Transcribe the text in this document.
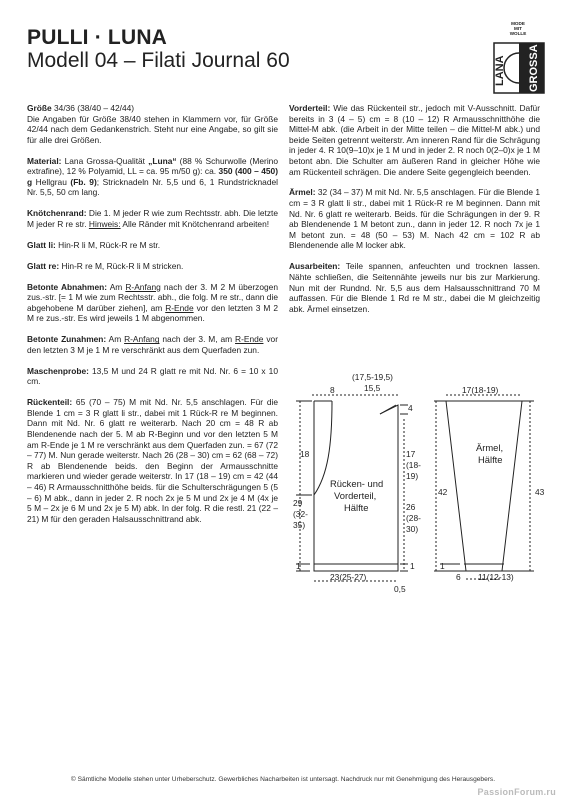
PULLI · LUNA
Modell 04 – Filati Journal 60
MODE
MIT
WOLLE
LANA GROSSA

Größe 34/36 (38/40 – 42/44)
Die Angaben für Größe 38/40 stehen in Klammern vor, für Größe 42/44 nach dem Gedankenstrich. Steht nur eine Angabe, so gilt sie für alle drei Größen.

Material: Lana Grossa-Qualität „Luna“ (88 % Schurwolle (Merino extrafine), 12 % Polyamid, LL = ca. 95 m/50 g): ca. 350 (400 – 450) g Hellgrau (Fb. 9); Stricknadeln Nr. 5,5 und 6, 1 Rundstricknadel Nr. 5,5, 50 cm lang.

Knötchenrand: Die 1. M jeder R wie zum Rechtsstr. abh. Die letzte M jeder R re str. Hinweis: Alle Ränder mit Knötchenrand arbeiten!

Glatt li: Hin-R li M, Rück-R re M str.

Glatt re: Hin-R re M, Rück-R li M stricken.

Betonte Abnahmen: Am R-Anfang nach der 3. M 2 M überzogen zus.-str. [= 1 M wie zum Rechtsstr. abh., die folg. M re str., dann die abgehobene M darüber ziehen], am R-Ende vor den letzten 3 M 2 M re zus.-str. Es wird jeweils 1 M abgenommen.

Betonte Zunahmen: Am R-Anfang nach der 3. M, am R-Ende vor den letzten 3 M je 1 M re verschränkt aus dem Querfaden zun.

Maschenprobe: 13,5 M und 24 R glatt re mit Nd. Nr. 6 = 10 x 10 cm.

Rückenteil: 65 (70 – 75) M mit Nd. Nr. 5,5 anschlagen. Für die Blende 1 cm = 3 R glatt li str., dabei mit 1 Rück-R re M beginnen. Dann mit Nd. Nr. 6 glatt re weiterarb. Nach 20 cm = 48 R ab Blendenende nach der 5. M ab R-Beginn und vor den letzten 5 M am R-Ende je 1 M re verschränkt aus dem Querfaden zun. = 67 (72 – 77) M. Nun gerade weiterstr. Nach 26 (28 – 30) cm = 62 (68 – 72) R ab Blendenende beids. den Beginn der Armausschnitte markieren und wieder gerade weiterstr. In 17 (18 – 19) cm = 42 (44 – 46) R Armausschnitthöhe beids. für die Schulterschrägungen 5 (5 – 6) M abk., dann in jeder 2. R noch 2x je 5 M und 2x je 4 M (4x je 5 M – 2x je 6 M und 2x je 5 M) abk. In der folg. R die restl. 21 (22 – 21) M für den geraden Halsausschnittrand abk.

Vorderteil: Wie das Rückenteil str., jedoch mit V-Ausschnitt. Dafür bereits in 3 (4 – 5) cm = 8 (10 – 12) R Armausschnitthöhe die Mittel-M abk. (die Arbeit in der Mitte teilen – die Mittel-M abk.) und beide Seiten getrennt weiterstr. Am inneren Rand für die Schrägung in jeder 4. R 10(9–10)x je 1 M und in jeder 2. R noch 0(2–0)x je 1 M betont abn. Die Schulter am äußeren Rand in gleicher Höhe wie am Rückenteil schrägen. Die andere Seite gegengleich beenden.

Ärmel: 32 (34 – 37) M mit Nd. Nr. 5,5 anschlagen. Für die Blende 1 cm = 3 R glatt li str., dabei mit 1 Rück-R re M beginnen. Dann mit Nd. Nr. 6 glatt re weiterarb. Beids. für die Schrägungen in der 9. R ab Blendenende 1 M betont zun., dann in jeder 12. R noch 7x je 1 M betont zun. = 48 (50 – 53) M. Nach 42 cm = 102 R ab Blendenende alle M locker abk.

Ausarbeiten: Teile spannen, anfeuchten und trocknen lassen. Nähte schließen, die Seitennähte jeweils nur bis zur Markierung. Nun mit der Rundnd. Nr. 5,5 aus dem Halsausschnittrand 70 M auffassen. Für die Blende 1 Rd re M str., dabei die M gleichzeitig abk. Ärmel einsetzen.

8
(17,5-19,5)
15,5
4
18	17
(18-
19)
26
(28-
30)
29
(32-
35)
1	1
23(25-27)
0,5
Rücken- und
Vorderteil,
Hälfte
17(18-19)
42	43
1
6 11(12-13)
Ärmel,
Hälfte
© Sämtliche Modelle stehen unter Urheberschutz. Gewerbliches Nacharbeiten ist untersagt. Nachdruck nur mit Genehmigung des Herausgebers.
PassionForum.ru
